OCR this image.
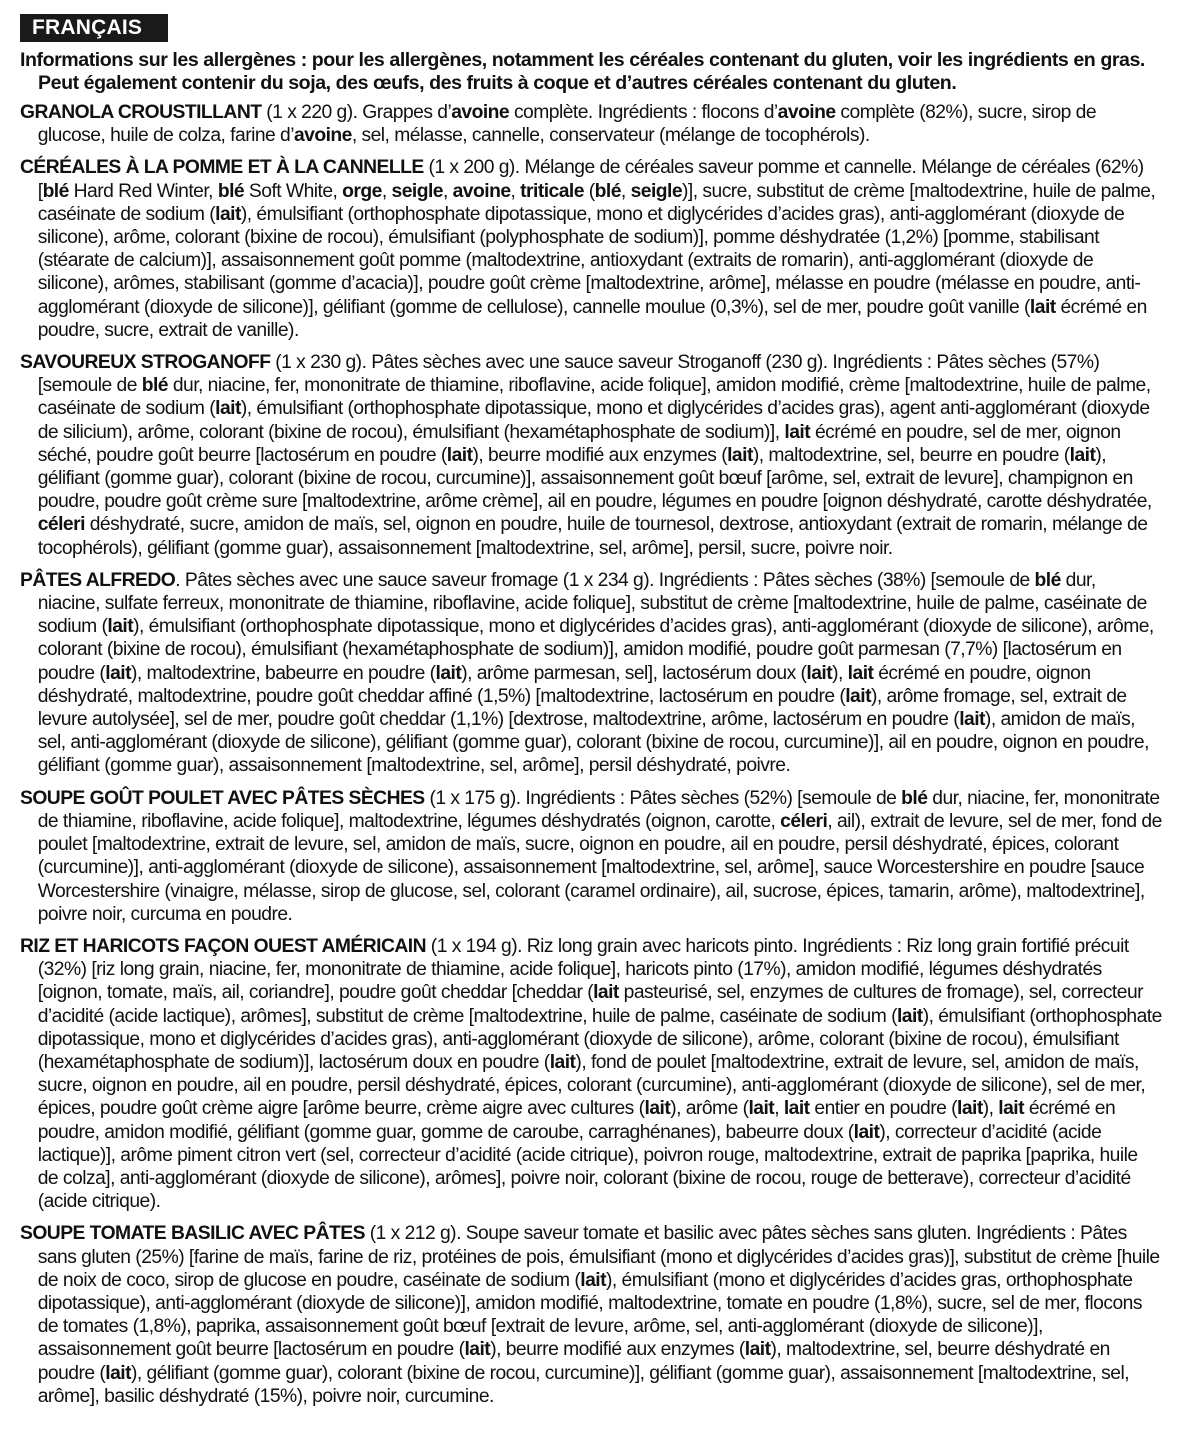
FRANÇAIS
Informations sur les allergènes : pour les allergènes, notamment les céréales contenant du gluten, voir les ingrédients en gras. Peut également contenir du soja, des œufs, des fruits à coque et d’autres céréales contenant du gluten.

GRANOLA CROUSTILLANT (1 x 220 g). Grappes d’avoine complète. Ingrédients : flocons d’avoine complète (82%), sucre, sirop de glucose, huile de colza, farine d’avoine, sel, mélasse, cannelle, conservateur (mélange de tocophérols).

CÉRÉALES À LA POMME ET À LA CANNELLE (1 x 200 g). Mélange de céréales saveur pomme et cannelle. Mélange de céréales (62%) [blé Hard Red Winter, blé Soft White, orge, seigle, avoine, triticale (blé, seigle)], sucre, substitut de crème [maltodextrine, huile de palme, caséinate de sodium (lait), émulsifiant (orthophosphate dipotassique, mono et diglycérides d’acides gras), anti-agglomérant (dioxyde de silicone), arôme, colorant (bixine de rocou), émulsifiant (polyphosphate de sodium)], pomme déshydratée (1,2%) [pomme, stabilisant (stéarate de calcium)], assaisonnement goût pomme (maltodextrine, antioxydant (extraits de romarin), anti-agglomérant (dioxyde de silicone), arômes, stabilisant (gomme d’acacia)], poudre goût crème [maltodextrine, arôme], mélasse en poudre (mélasse en poudre, anti-agglomérant (dioxyde de silicone)], gélifiant (gomme de cellulose), cannelle moulue (0,3%), sel de mer, poudre goût vanille (lait écrémé en poudre, sucre, extrait de vanille).

SAVOUREUX STROGANOFF (1 x 230 g). Pâtes sèches avec une sauce saveur Stroganoff (230 g). Ingrédients : Pâtes sèches (57%) [semoule de blé dur, niacine, fer, mononitrate de thiamine, riboflavine, acide folique], amidon modifié, crème [maltodextrine, huile de palme, caséinate de sodium (lait), émulsifiant (orthophosphate dipotassique, mono et diglycérides d’acides gras), agent anti-agglomérant (dioxyde de silicium), arôme, colorant (bixine de rocou), émulsifiant (hexamétaphosphate de sodium)], lait écrémé en poudre, sel de mer, oignon séché, poudre goût beurre [lactosérum en poudre (lait), beurre modifié aux enzymes (lait), maltodextrine, sel, beurre en poudre (lait), gélifiant (gomme guar), colorant (bixine de rocou, curcumine)], assaisonnement goût bœuf [arôme, sel, extrait de levure], champignon en poudre, poudre goût crème sure [maltodextrine, arôme crème], ail en poudre, légumes en poudre [oignon déshydraté, carotte déshydratée, céleri déshydraté, sucre, amidon de maïs, sel, oignon en poudre, huile de tournesol, dextrose, antioxydant (extrait de romarin, mélange de tocophérols), gélifiant (gomme guar), assaisonnement [maltodextrine, sel, arôme], persil, sucre, poivre noir.

PÂTES ALFREDO. Pâtes sèches avec une sauce saveur fromage (1 x 234 g). Ingrédients : Pâtes sèches (38%) [semoule de blé dur, niacine, sulfate ferreux, mononitrate de thiamine, riboflavine, acide folique], substitut de crème [maltodextrine, huile de palme, caséinate de sodium (lait), émulsifiant (orthophosphate dipotassique, mono et diglycérides d’acides gras), anti-agglomérant (dioxyde de silicone), arôme, colorant (bixine de rocou), émulsifiant (hexamétaphosphate de sodium)], amidon modifié, poudre goût parmesan (7,7%) [lactosérum en poudre (lait), maltodextrine, babeurre en poudre (lait), arôme parmesan, sel], lactosérum doux (lait), lait écrémé en poudre, oignon déshydraté, maltodextrine, poudre goût cheddar affiné (1,5%) [maltodextrine, lactosérum en poudre (lait), arôme fromage, sel, extrait de levure autolysée], sel de mer, poudre goût cheddar (1,1%) [dextrose, maltodextrine, arôme, lactosérum en poudre (lait), amidon de maïs, sel, anti-agglomérant (dioxyde de silicone), gélifiant (gomme guar), colorant (bixine de rocou, curcumine)], ail en poudre, oignon en poudre, gélifiant (gomme guar), assaisonnement [maltodextrine, sel, arôme], persil déshydraté, poivre.

SOUPE GOÛT POULET AVEC PÂTES SÈCHES (1 x 175 g). Ingrédients : Pâtes sèches (52%) [semoule de blé dur, niacine, fer, mononitrate de thiamine, riboflavine, acide folique], maltodextrine, légumes déshydratés (oignon, carotte, céleri, ail), extrait de levure, sel de mer, fond de poulet [maltodextrine, extrait de levure, sel, amidon de maïs, sucre, oignon en poudre, ail en poudre, persil déshydraté, épices, colorant (curcumine)], anti-agglomérant (dioxyde de silicone), assaisonnement [maltodextrine, sel, arôme], sauce Worcestershire en poudre [sauce Worcestershire (vinaigre, mélasse, sirop de glucose, sel, colorant (caramel ordinaire), ail, sucrose, épices, tamarin, arôme), maltodextrine], poivre noir, curcuma en poudre.

RIZ ET HARICOTS FAÇON OUEST AMÉRICAIN (1 x 194 g). Riz long grain avec haricots pinto. Ingrédients : Riz long grain fortifié précuit (32%) [riz long grain, niacine, fer, mononitrate de thiamine, acide folique], haricots pinto (17%), amidon modifié, légumes déshydratés [oignon, tomate, maïs, ail, coriandre], poudre goût cheddar [cheddar (lait pasteurisé, sel, enzymes de cultures de fromage), sel, correcteur d’acidité (acide lactique), arômes], substitut de crème [maltodextrine, huile de palme, caséinate de sodium (lait), émulsifiant (orthophosphate dipotassique, mono et diglycérides d’acides gras), anti-agglomérant (dioxyde de silicone), arôme, colorant (bixine de rocou), émulsifiant (hexamétaphosphate de sodium)], lactosérum doux en poudre (lait), fond de poulet [maltodextrine, extrait de levure, sel, amidon de maïs, sucre, oignon en poudre, ail en poudre, persil déshydraté, épices, colorant (curcumine), anti-agglomérant (dioxyde de silicone), sel de mer, épices, poudre goût crème aigre [arôme beurre, crème aigre avec cultures (lait), arôme (lait, lait entier en poudre (lait), lait écrémé en poudre, amidon modifié, gélifiant (gomme guar, gomme de caroube, carraghénanes), babeurre doux (lait), correcteur d’acidité (acide lactique)], arôme piment citron vert (sel, correcteur d’acidité (acide citrique), poivron rouge, maltodextrine, extrait de paprika [paprika, huile de colza], anti-agglomérant (dioxyde de silicone), arômes], poivre noir, colorant (bixine de rocou, rouge de betterave), correcteur d’acidité (acide citrique).

SOUPE TOMATE BASILIC AVEC PÂTES (1 x 212 g). Soupe saveur tomate et basilic avec pâtes sèches sans gluten. Ingrédients : Pâtes sans gluten (25%) [farine de maïs, farine de riz, protéines de pois, émulsifiant (mono et diglycérides d’acides gras)], substitut de crème [huile de noix de coco, sirop de glucose en poudre, caséinate de sodium (lait), émulsifiant (mono et diglycérides d’acides gras, orthophosphate dipotassique), anti-agglomérant (dioxyde de silicone)], amidon modifié, maltodextrine, tomate en poudre (1,8%), sucre, sel de mer, flocons de tomates (1,8%), paprika, assaisonnement goût bœuf [extrait de levure, arôme, sel, anti-agglomérant (dioxyde de silicone)], assaisonnement goût beurre [lactosérum en poudre (lait), beurre modifié aux enzymes (lait), maltodextrine, sel, beurre déshydraté en poudre (lait), gélifiant (gomme guar), colorant (bixine de rocou, curcumine)], gélifiant (gomme guar), assaisonnement [maltodextrine, sel, arôme], basilic déshydraté (15%), poivre noir, curcumine.
